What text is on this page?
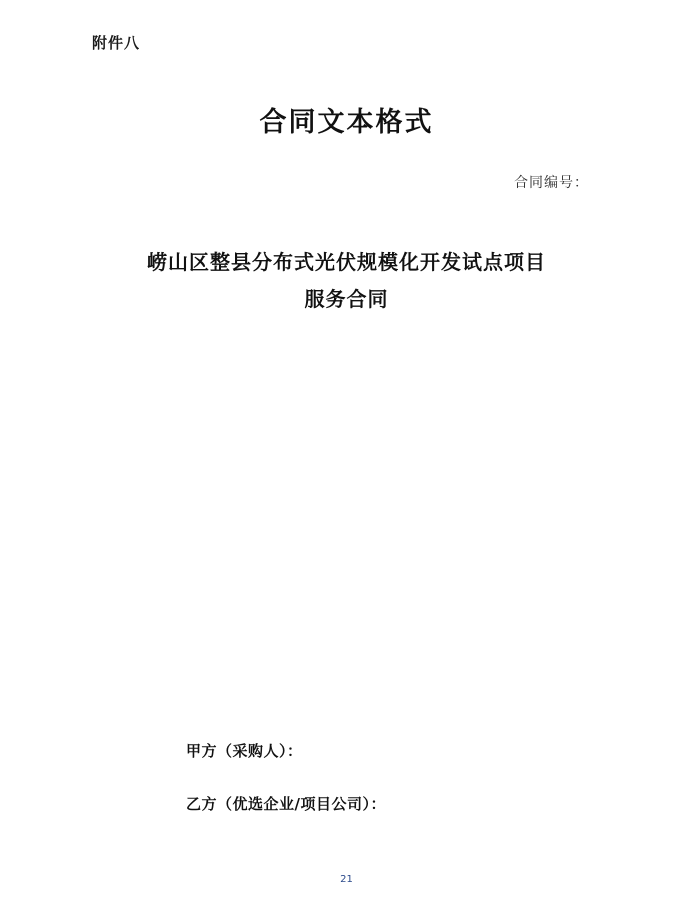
附件八
合同文本格式
合同编号：
崂山区整县分布式光伏规模化开发试点项目
服务合同
甲方（采购人）：
乙方（优选企业/项目公司）：
21
